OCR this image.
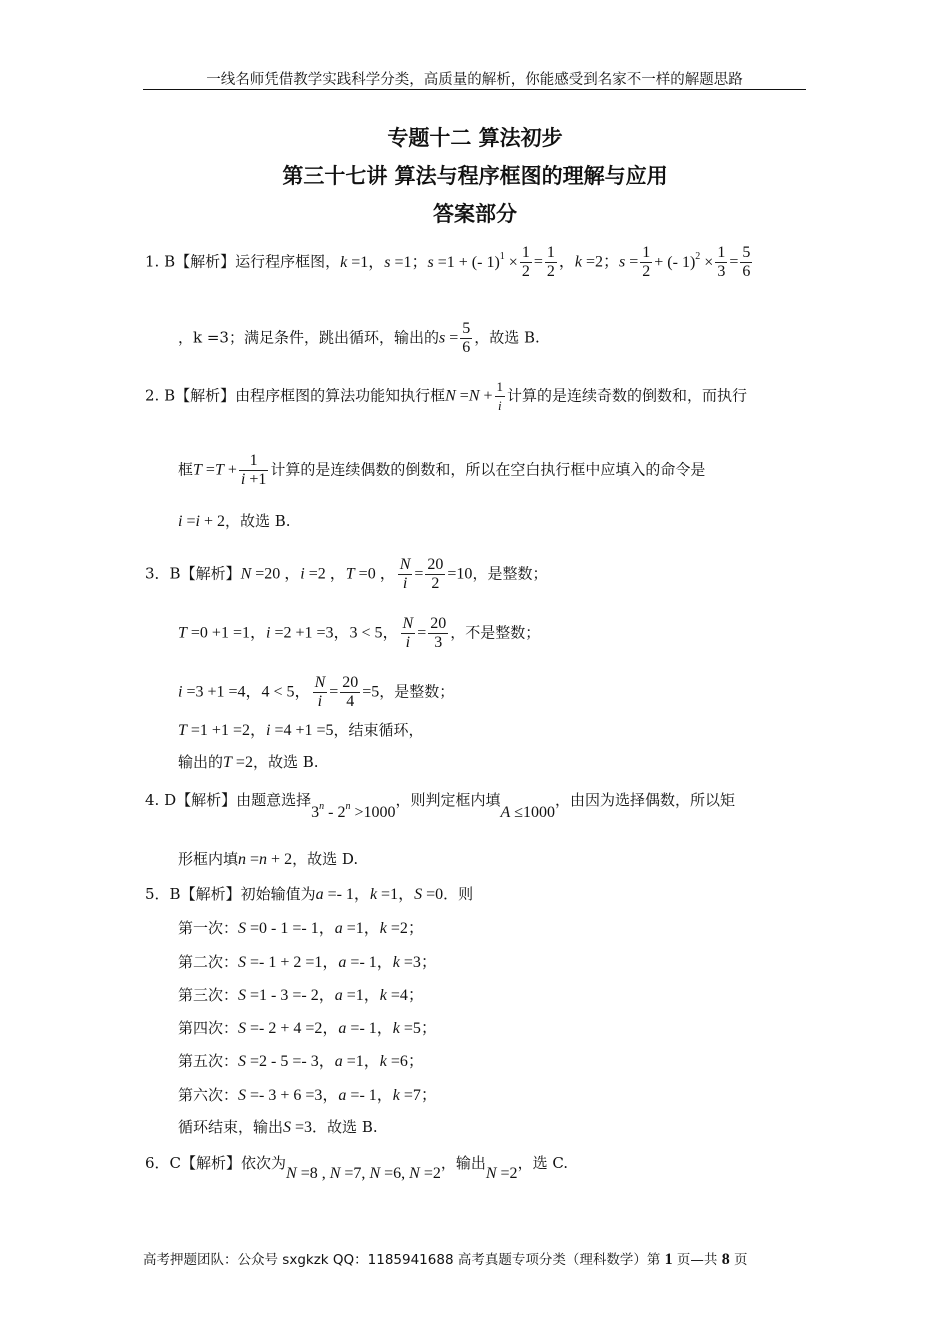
一线名师凭借教学实践科学分类，高质量的解析，你能感受到名家不一样的解题思路
专题十二 算法初步
第三十七讲 算法与程序框图的理解与应用
答案部分
1. B【解析】运行程序框图，k =1，s =1；s =1 + (- $1)^1 \times \frac{1}{2} = \frac{1}{2}$ ，k =2；$s = \frac{1}{2}$ + (- $1)^2 \times \frac{1}{3} = \frac{5}{6}$
，k =3；满足条件，跳出循环，输出的$s = \frac{5}{6}$ ，故选 B.
2. B【解析】由程序框图的算法功能知执行框$N =N + \frac{1}{i}$ 计算的是连续奇数的倒数和，而执行
框$T =T + \frac{1}{i +1}$ 计算的是连续偶数的倒数和，所以在空白执行框中应填入的命令是
i =i + 2，故选 B.
3．B【解析】N =20 ，i =2 ，T =0 ， $\frac{N}{i} = \frac{20}{2} =10$，是整数；
T =0 +1 =1，i =2 +1 =3，3 < 5， $\frac{N}{i} = \frac{20}{3}$ ，不是整数；
i =3 +1 =4，4 < 5， $\frac{N}{i} = \frac{20}{4} =5$，是整数；
T =1 +1 =2，i =4 +1 =5，结束循环，
输出的T =2，故选 B.
4. D【解析】由题意选择$3^n - 2^n >1000$，则判定框内填A ≤1000，由因为选择偶数，所以矩
形框内填n =n + 2，故选 D.
5．B【解析】初始输值为a =- 1，k =1，S =0．则
第一次：S =0 - 1 =- 1，a =1，k =2；
第二次：S =- 1 + 2 =1，a =- 1，k =3；
第三次：S =1 - 3 =- 2，a =1，k =4；
第四次：S =- 2 + 4 =2，a =- 1，k =5；
第五次：S =2 - 5 =- 3，a =1，k =6；
第六次：S =- 3 + 6 =3，a =- 1，k =7；
循环结束，输出S =3．故选 B.
6．C【解析】依次为N =8 , N =7, N =6, N =2，输出N =2，选 C.
高考押题团队：公众号 sxgkzk QQ：1185941688 高考真题专项分类（理科数学）第 1 页—共 8 页
